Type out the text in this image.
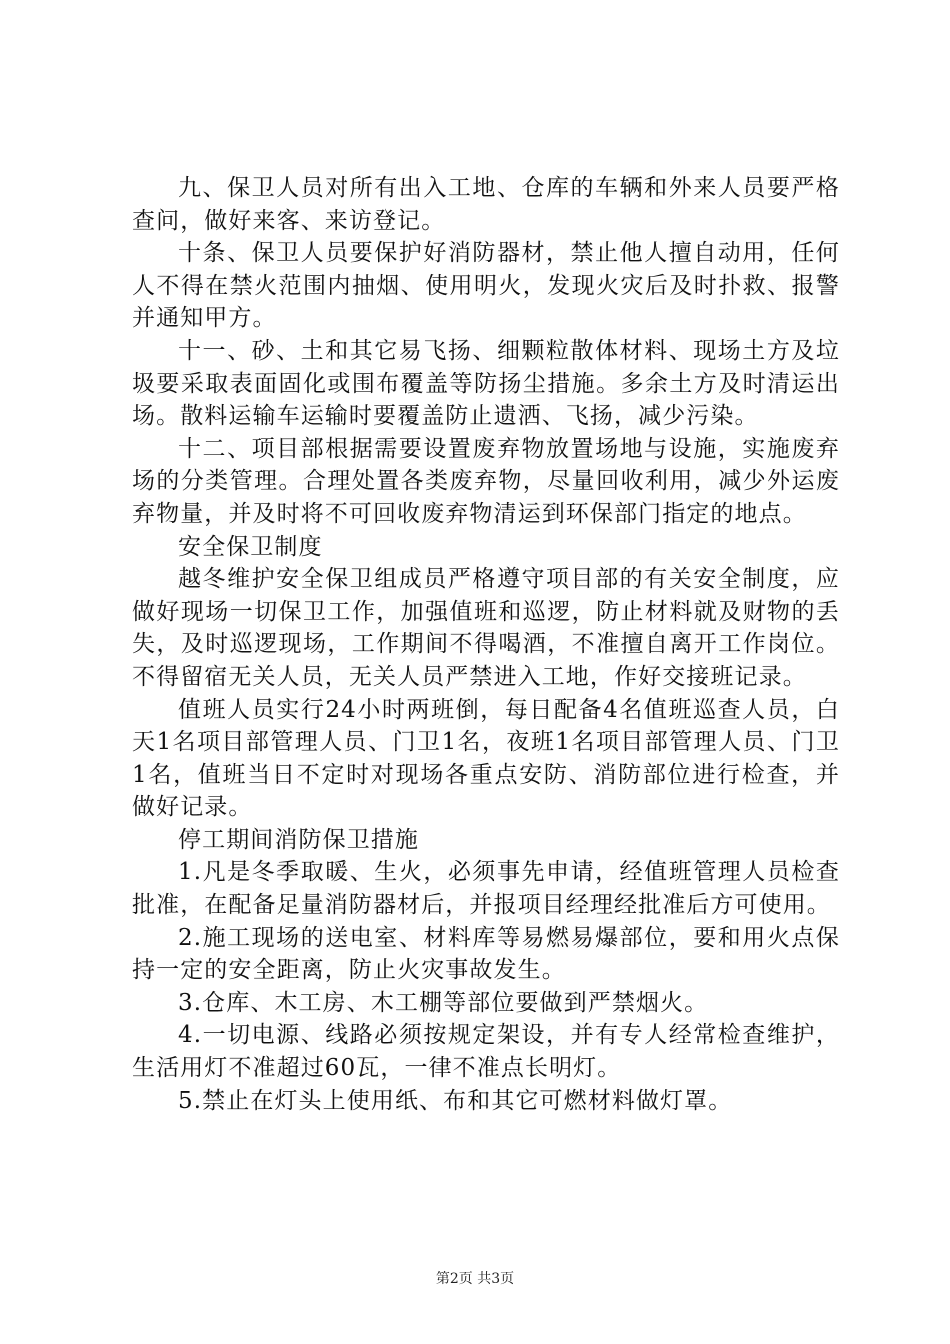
九、保卫人员对所有出入工地、仓库的车辆和外来人员要严格查问，做好来客、来访登记。

十条、保卫人员要保护好消防器材，禁止他人擅自动用，任何人不得在禁火范围内抽烟、使用明火，发现火灾后及时扑救、报警并通知甲方。

十一、砂、土和其它易飞扬、细颗粒散体材料、现场土方及垃圾要采取表面固化或围布覆盖等防扬尘措施。多余土方及时清运出场。散料运输车运输时要覆盖防止遗洒、飞扬，减少污染。

十二、项目部根据需要设置废弃物放置场地与设施，实施废弃场的分类管理。合理处置各类废弃物，尽量回收利用，减少外运废弃物量，并及时将不可回收废弃物清运到环保部门指定的地点。

安全保卫制度

越冬维护安全保卫组成员严格遵守项目部的有关安全制度，应做好现场一切保卫工作，加强值班和巡逻，防止材料就及财物的丢失，及时巡逻现场，工作期间不得喝酒，不准擅自离开工作岗位。不得留宿无关人员，无关人员严禁进入工地，作好交接班记录。

值班人员实行24小时两班倒，每日配备4名值班巡查人员，白天1名项目部管理人员、门卫1名，夜班1名项目部管理人员、门卫1名，值班当日不定时对现场各重点安防、消防部位进行检查，并做好记录。

停工期间消防保卫措施

1.凡是冬季取暖、生火，必须事先申请，经值班管理人员检查批准，在配备足量消防器材后，并报项目经理经批准后方可使用。

2.施工现场的送电室、材料库等易燃易爆部位，要和用火点保持一定的安全距离，防止火灾事故发生。

3.仓库、木工房、木工棚等部位要做到严禁烟火。

4.一切电源、线路必须按规定架设，并有专人经常检查维护，生活用灯不准超过60瓦，一律不准点长明灯。

5.禁止在灯头上使用纸、布和其它可燃材料做灯罩。

第2页 共3页
